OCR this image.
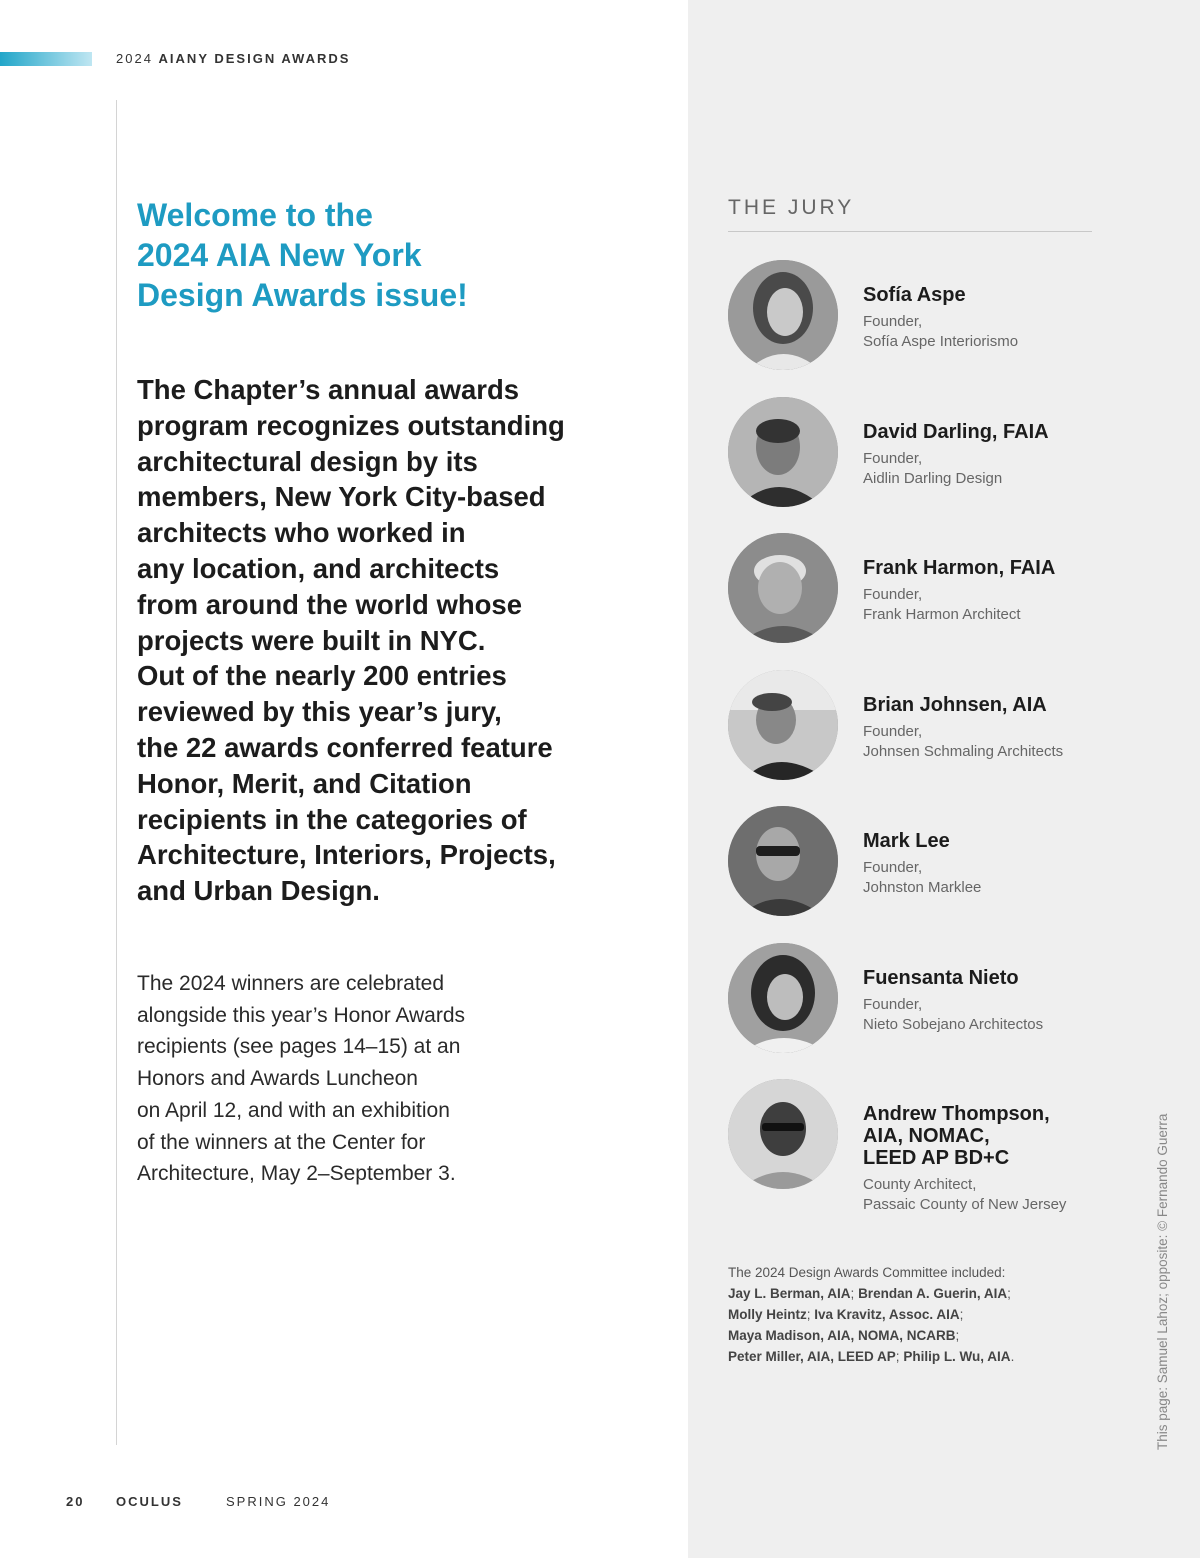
2024 AIANY DESIGN AWARDS
Welcome to the
2024 AIA New York
Design Awards issue!

The Chapter’s annual awards
program recognizes outstanding
architectural design by its
members, New York City-based
architects who worked in
any location, and architects
from around the world whose
projects were built in NYC.
Out of the nearly 200 entries
reviewed by this year’s jury,
the 22 awards conferred feature
Honor, Merit, and Citation
recipients in the categories of
Architecture, Interiors, Projects,
and Urban Design.

The 2024 winners are celebrated
alongside this year’s Honor Awards
recipients (see pages 14–15) at an
Honors and Awards Luncheon
on April 12, and with an exhibition
of the winners at the Center for
Architecture, May 2–September 3.

THE JURY
Sofía Aspe
Founder,
Sofía Aspe Interiorismo
David Darling, FAIA
Founder,
Aidlin Darling Design
Frank Harmon, FAIA
Founder,
Frank Harmon Architect
Brian Johnsen, AIA
Founder,
Johnsen Schmaling Architects
Mark Lee
Founder,
Johnston Marklee
Fuensanta Nieto
Founder,
Nieto Sobejano Architectos
Andrew Thompson,
AIA, NOMAC,
LEED AP BD+C
County Architect,
Passaic County of New Jersey
The 2024 Design Awards Committee included:
Jay L. Berman, AIA; Brendan A. Guerin, AIA;
Molly Heintz; Iva Kravitz, Assoc. AIA;
Maya Madison, AIA, NOMA, NCARB;
Peter Miller, AIA, LEED AP; Philip L. Wu, AIA.	This page: Samuel Lahoz; opposite: © Fernando Guerra
20 OCULUS	SPRING 2024
